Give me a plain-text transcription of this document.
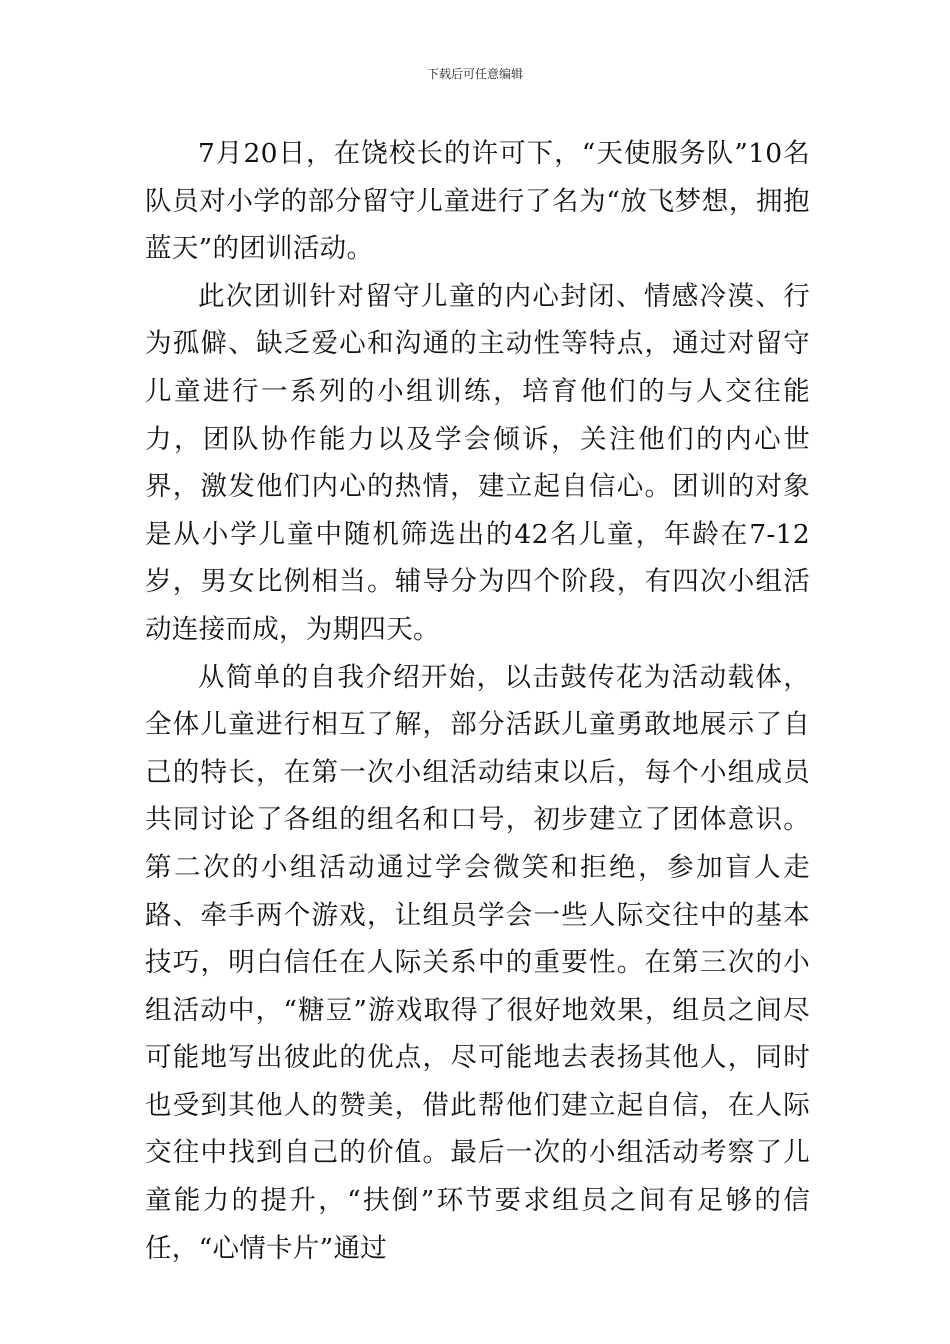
下载后可任意编辑

7月20日，在饶校长的许可下，“天使服务队”10名队员对小学的部分留守儿童进行了名为“放飞梦想，拥抱蓝天”的团训活动。

此次团训针对留守儿童的内心封闭、情感冷漠、行为孤僻、缺乏爱心和沟通的主动性等特点，通过对留守儿童进行一系列的小组训练，培育他们的与人交往能力，团队协作能力以及学会倾诉，关注他们的内心世界，激发他们内心的热情，建立起自信心。团训的对象是从小学儿童中随机筛选出的42名儿童，年龄在7-12岁，男女比例相当。辅导分为四个阶段，有四次小组活动连接而成，为期四天。

从简单的自我介绍开始，以击鼓传花为活动载体，全体儿童进行相互了解，部分活跃儿童勇敢地展示了自己的特长，在第一次小组活动结束以后，每个小组成员共同讨论了各组的组名和口号，初步建立了团体意识。第二次的小组活动通过学会微笑和拒绝，参加盲人走路、牵手两个游戏，让组员学会一些人际交往中的基本技巧，明白信任在人际关系中的重要性。在第三次的小组活动中，“糖豆”游戏取得了很好地效果，组员之间尽可能地写出彼此的优点，尽可能地去表扬其他人，同时也受到其他人的赞美，借此帮他们建立起自信，在人际交往中找到自己的价值。最后一次的小组活动考察了儿童能力的提升，“扶倒”环节要求组员之间有足够的信任，“心情卡片”通过
